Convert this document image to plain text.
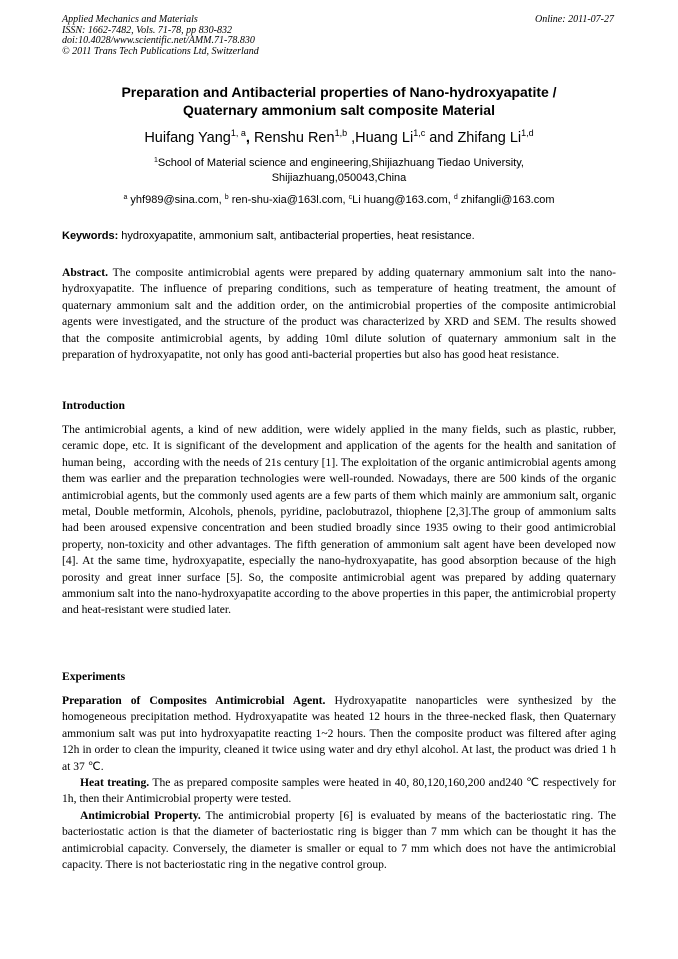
Applied Mechanics and Materials
ISSN: 1662-7482, Vols. 71-78, pp 830-832
doi:10.4028/www.scientific.net/AMM.71-78.830
© 2011 Trans Tech Publications Ltd, Switzerland
Online: 2011-07-27
Preparation and Antibacterial properties of Nano-hydroxyapatite /
Quaternary ammonium salt composite Material
Huifang Yang$^{1, a}$, Renshu Ren$^{1,b}$ ,Huang Li$^{1,c}$ and Zhifang Li$^{1,d}$
$^1$School of Material science and engineering,Shijiazhuang Tiedao University,
Shijiazhuang,050043,China
$^a$ yhf989@sina.com, $^b$ ren-shu-xia@163l.com, $^c$Li huang@163.com, $^d$ zhifangli@163.com
Keywords: hydroxyapatite, ammonium salt, antibacterial properties, heat resistance.
Abstract. The composite antimicrobial agents were prepared by adding quaternary ammonium salt into the nano-hydroxyapatite. The influence of preparing conditions, such as temperature of heating treatment, the amount of quaternary ammonium salt and the addition order, on the antimicrobial properties of the composite antimicrobial agents were investigated, and the structure of the product was characterized by XRD and SEM. The results showed that the composite antimicrobial agents, by adding 10ml dilute solution of quaternary ammonium salt in the preparation of hydroxyapatite, not only has good anti-bacterial properties but also has good heat resistance.
Introduction
The antimicrobial agents, a kind of new addition, were widely applied in the many fields, such as plastic, rubber, ceramic dope, etc. It is significant of the development and application of the agents for the health and sanitation of human being，according with the needs of 21s century [1]. The exploitation of the organic antimicrobial agents among them was earlier and the preparation technologies were well-rounded. Nowadays, there are 500 kinds of the organic antimicrobial agents, but the commonly used agents are a few parts of them which mainly are ammonium salt, organic metal, Double metformin, Alcohols, phenols, pyridine, paclobutrazol, thiophene [2,3].The group of ammonium salts had been aroused expensive concentration and been studied broadly since 1935 owing to their good antimicrobial property, non-toxicity and other advantages. The fifth generation of ammonium salt agent have been developed now [4]. At the same time, hydroxyapatite, especially the nano-hydroxyapatite, has good absorption because of the high porosity and great inner surface [5]. So, the composite antimicrobial agent was prepared by adding quaternary ammonium salt into the nano-hydroxyapatite according to the above properties in this paper, the antimicrobial property and heat-resistant were studied later.
Experiments
Preparation of Composites Antimicrobial Agent. Hydroxyapatite nanoparticles were synthesized by the homogeneous precipitation method. Hydroxyapatite was heated 12 hours in the three-necked flask, then Quaternary ammonium salt was put into hydroxyapatite reacting 1~2 hours. Then the composite product was filtered after aging 12h in order to clean the impurity, cleaned it twice using water and dry ethyl alcohol. At last, the product was dried 1 h at 37 ℃.
Heat treating. The as prepared composite samples were heated in 40, 80,120,160,200 and240 ℃ respectively for 1h, then their Antimicrobial property were tested.
Antimicrobial Property. The antimicrobial property [6] is evaluated by means of the bacteriostatic ring. The bacteriostatic action is that the diameter of bacteriostatic ring is bigger than 7 mm which can be thought it has the antimicrobial capacity. Conversely, the diameter is smaller or equal to 7 mm which does not have the antimicrobial capacity. There is not bacteriostatic ring in the negative control group.
